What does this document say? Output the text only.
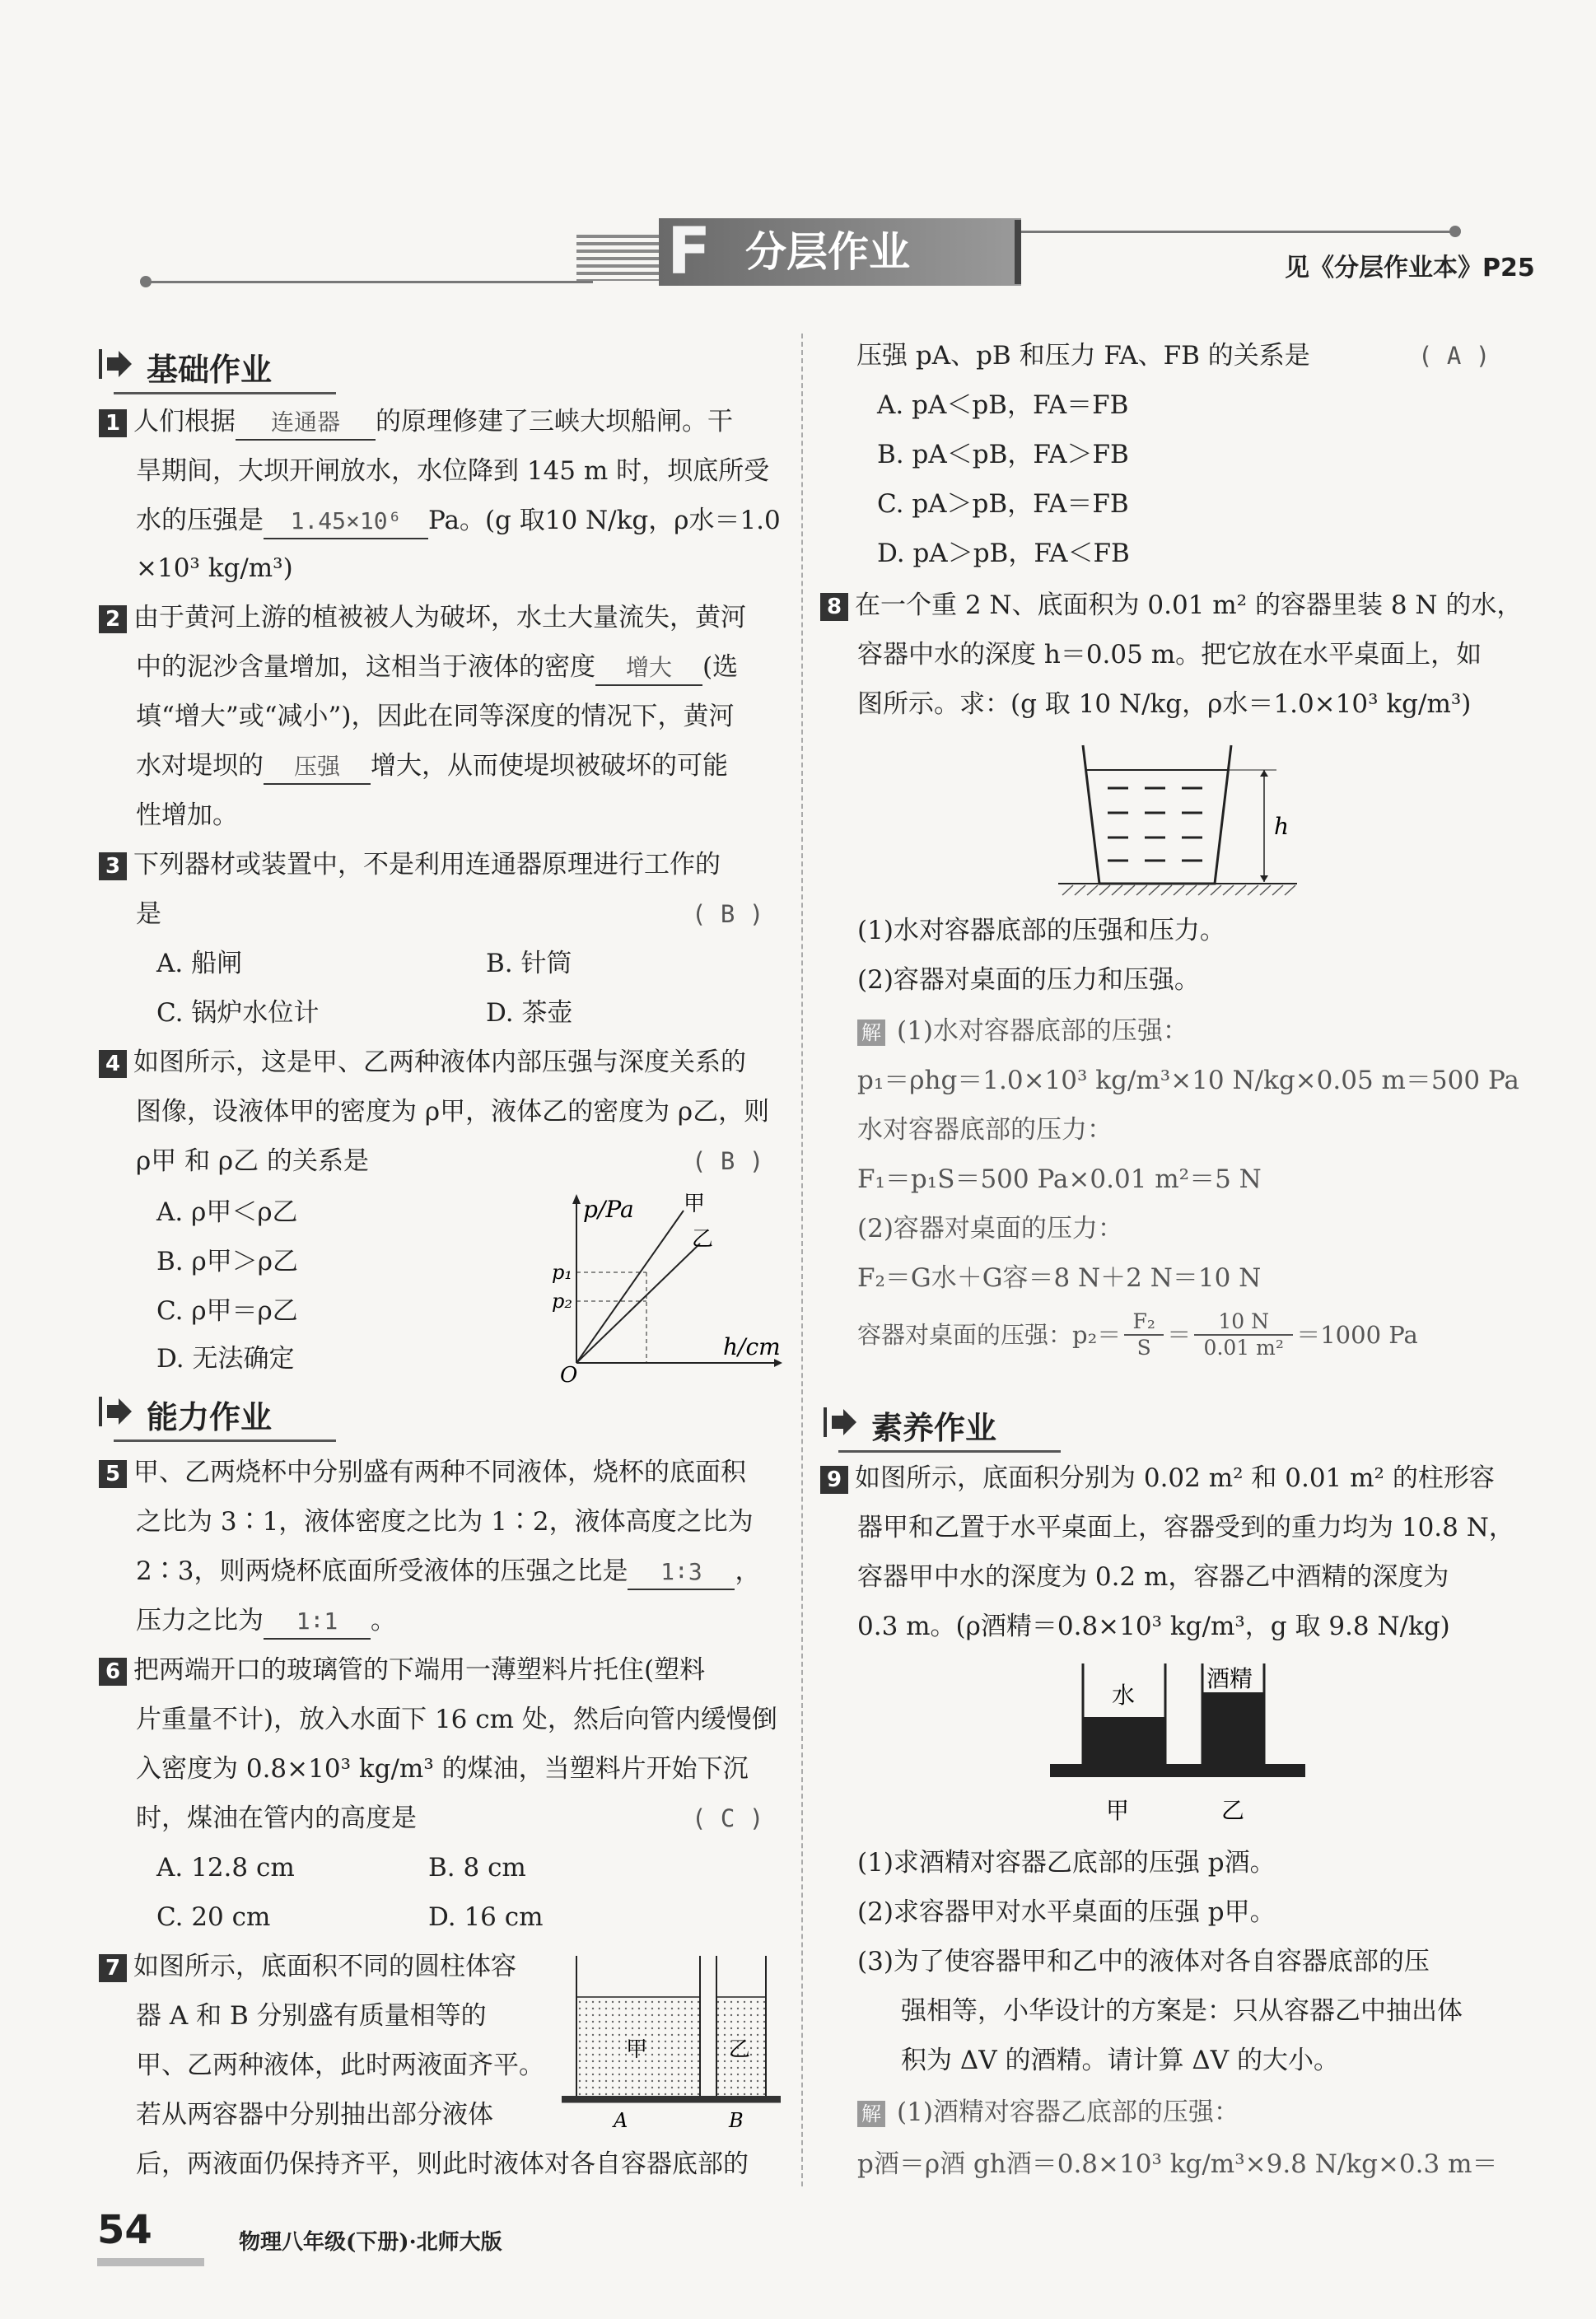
F 分层作业	见《分层作业本》P25
基础作业
1 人们根据 连通器 的原理修建了三峡大坝船闸。干
旱期间，大坝开闸放水，水位降到 145 m 时，坝底所受
水的压强是 1.45×10⁶ Pa。(g 取10 N/kg，ρ水＝1.0
×10³ kg/m³)
2 由于黄河上游的植被被人为破坏，水土大量流失，黄河
中的泥沙含量增加，这相当于液体的密度 增大 (选
填“增大”或“减小”)，因此在同等深度的情况下，黄河
水对堤坝的 压强 增大，从而使堤坝被破坏的可能
性增加。
3 下列器材或装置中，不是利用连通器原理进行工作的
是	( B )
A. 船闸	B. 针筒
C. 锅炉水位计	D. 茶壶
4 如图所示，这是甲、乙两种液体内部压强与深度关系的
图像，设液体甲的密度为 ρ甲，液体乙的密度为 ρ乙，则
ρ甲 和 ρ乙 的关系是	( B )
A. ρ甲＜ρ乙
B. ρ甲＞ρ乙
C. ρ甲＝ρ乙
D. 无法确定
p/Pa
h/cm
O
p₁
p₂
甲
乙
能力作业
5 甲、乙两烧杯中分别盛有两种不同液体，烧杯的底面积
之比为 3∶1，液体密度之比为 1∶2，液体高度之比为
2∶3，则两烧杯底面所受液体的压强之比是 1∶3 ，
压力之比为 1∶1 。
6 把两端开口的玻璃管的下端用一薄塑料片托住(塑料
片重量不计)，放入水面下 16 cm 处，然后向管内缓慢倒
入密度为 0.8×10³ kg/m³ 的煤油，当塑料片开始下沉
时，煤油在管内的高度是	( C )
A. 12.8 cm	B. 8 cm
C. 20 cm	D. 16 cm
7 如图所示，底面积不同的圆柱体容
器 A 和 B 分别盛有质量相等的
甲、乙两种液体，此时两液面齐平。
若从两容器中分别抽出部分液体
后，两液面仍保持齐平，则此时液体对各自容器底部的
甲	乙
A	B
压强 pA、pB 和压力 FA、FB 的关系是	( A )
A. pA＜pB，FA＝FB
B. pA＜pB，FA＞FB
C. pA＞pB，FA＝FB
D. pA＞pB，FA＜FB
8 在一个重 2 N、底面积为 0.01 m² 的容器里装 8 N 的水，
容器中水的深度 h＝0.05 m。把它放在水平桌面上，如
图所示。求：(g 取 10 N/kg，ρ水＝1.0×10³ kg/m³)
h
(1)水对容器底部的压强和压力。
(2)容器对桌面的压力和压强。
解 (1)水对容器底部的压强：
p₁＝ρhg＝1.0×10³ kg/m³×10 N/kg×0.05 m＝500 Pa
水对容器底部的压力：
F₁＝p₁S＝500 Pa×0.01 m²＝5 N
(2)容器对桌面的压力：
F₂＝G水＋G容＝8 N＋2 N＝10 N
容器对桌面的压强：p₂＝ F₂
S ＝ 10 N
0.01 m² ＝1000 Pa
素养作业
9 如图所示，底面积分别为 0.02 m² 和 0.01 m² 的柱形容
器甲和乙置于水平桌面上，容器受到的重力均为 10.8 N，
容器甲中水的深度为 0.2 m，容器乙中酒精的深度为
0.3 m。(ρ酒精＝0.8×10³ kg/m³，g 取 9.8 N/kg)
水
酒精
甲	乙
(1)求酒精对容器乙底部的压强 p酒。
(2)求容器甲对水平桌面的压强 p甲。
(3)为了使容器甲和乙中的液体对各自容器底部的压
强相等，小华设计的方案是：只从容器乙中抽出体
积为 ΔV 的酒精。请计算 ΔV 的大小。
解 (1)酒精对容器乙底部的压强：
p酒＝ρ酒 gh酒＝0.8×10³ kg/m³×9.8 N/kg×0.3 m＝
54	物理八年级(下册)·北师大版
